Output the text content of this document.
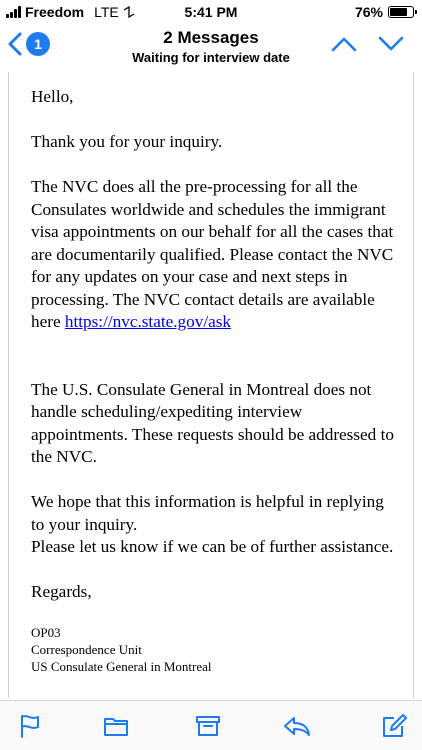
Freedom LTE	5:41 PM	76%
1	2 Messages
Waiting for interview date

Hello,

Thank you for your inquiry.

The NVC does all the pre-processing for all the Consulates worldwide and schedules the immigrant visa appointments on our behalf for all the cases that are documentarily qualified. Please contact the NVC for any updates on your case and next steps in processing. The NVC contact details are available here https://nvc.state.gov/ask

The U.S. Consulate General in Montreal does not handle scheduling/expediting interview appointments. These requests should be addressed to the NVC.

We hope that this information is helpful in replying to your inquiry.

Please let us know if we can be of further assistance.

Regards,

OP03
Correspondence Unit
US Consulate General in Montreal
